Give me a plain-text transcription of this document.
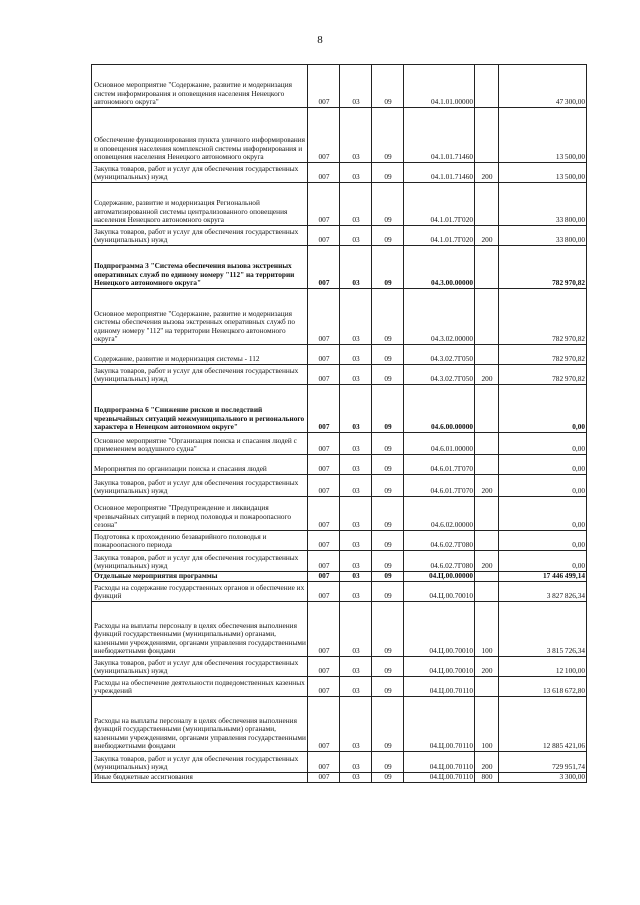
8
Основное мероприятие "Содержание, развитие и модернизация систем информирования и оповещения населения Ненецкого автономного округа"	007	03	09	04.1.01.00000		47 300,00
Обеспечение функционирования пункта уличного информирования и оповещения населения комплексной системы информирования и оповещения населения Ненецкого автономного округа	007	03	09	04.1.01.71460		13 500,00
Закупка товаров, работ и услуг для обеспечения государственных (муниципальных) нужд	007	03	09	04.1.01.71460	200	13 500,00
Содержание, развитие и модернизация Региональной автоматизированной системы централизованного оповещения населения Ненецкого автономного округа	007	03	09	04.1.01.7Г020		33 800,00
Закупка товаров, работ и услуг для обеспечения государственных (муниципальных) нужд	007	03	09	04.1.01.7Г020	200	33 800,00
Подпрограмма 3 "Система обеспечения вызова экстренных оперативных служб по единому номеру "112" на территории Ненецкого автономного округа"	007	03	09	04.3.00.00000		782 970,82
Основное мероприятие "Содержание, развитие и модернизация системы обеспечения вызова экстренных оперативных служб по единому номеру "112" на территории Ненецкого автономного округа"	007	03	09	04.3.02.00000		782 970,82
Содержание, развитие и модернизация системы - 112	007	03	09	04.3.02.7Г050		782 970,82
Закупка товаров, работ и услуг для обеспечения государственных (муниципальных) нужд	007	03	09	04.3.02.7Г050	200	782 970,82
Подпрограмма 6 "Снижение рисков и последствий чрезвычайных ситуаций межмуниципального и регионального характера в Ненецком автономном округе"	007	03	09	04.6.00.00000		0,00
Основное мероприятие "Организация поиска и спасания людей с применением воздушного судна"	007	03	09	04.6.01.00000		0,00
Мероприятия по организации поиска и спасания людей	007	03	09	04.6.01.7Г070		0,00
Закупка товаров, работ и услуг для обеспечения государственных (муниципальных) нужд	007	03	09	04.6.01.7Г070	200	0,00
Основное мероприятие "Предупреждение и ликвидация чрезвычайных ситуаций в период половодья и пожароопасного сезона"	007	03	09	04.6.02.00000		0,00
Подготовка к прохождению безаварийного половодья и пожароопасного периода	007	03	09	04.6.02.7Г080		0,00
Закупка товаров, работ и услуг для обеспечения государственных (муниципальных) нужд	007	03	09	04.6.02.7Г080	200	0,00
Отдельные мероприятия программы	007	03	09	04.Ц.00.00000		17 446 499,14
Расходы на содержание государственных органов и обеспечение их функций	007	03	09	04.Ц.00.70010		3 827 826,34
Расходы на выплаты персоналу в целях обеспечения выполнения функций государственными (муниципальными) органами, казенными учреждениями, органами управления государственными внебюджетными фондами	007	03	09	04.Ц.00.70010	100	3 815 726,34
Закупка товаров, работ и услуг для обеспечения государственных (муниципальных) нужд	007	03	09	04.Ц.00.70010	200	12 100,00
Расходы на обеспечение деятельности подведомственных казенных учреждений	007	03	09	04.Ц.00.70110		13 618 672,80
Расходы на выплаты персоналу в целях обеспечения выполнения функций государственными (муниципальными) органами, казенными учреждениями, органами управления государственными внебюджетными фондами	007	03	09	04.Ц.00.70110	100	12 885 421,06
Закупка товаров, работ и услуг для обеспечения государственных (муниципальных) нужд	007	03	09	04.Ц.00.70110	200	729 951,74
Иные бюджетные ассигнования	007	03	09	04.Ц.00.70110	800	3 300,00
